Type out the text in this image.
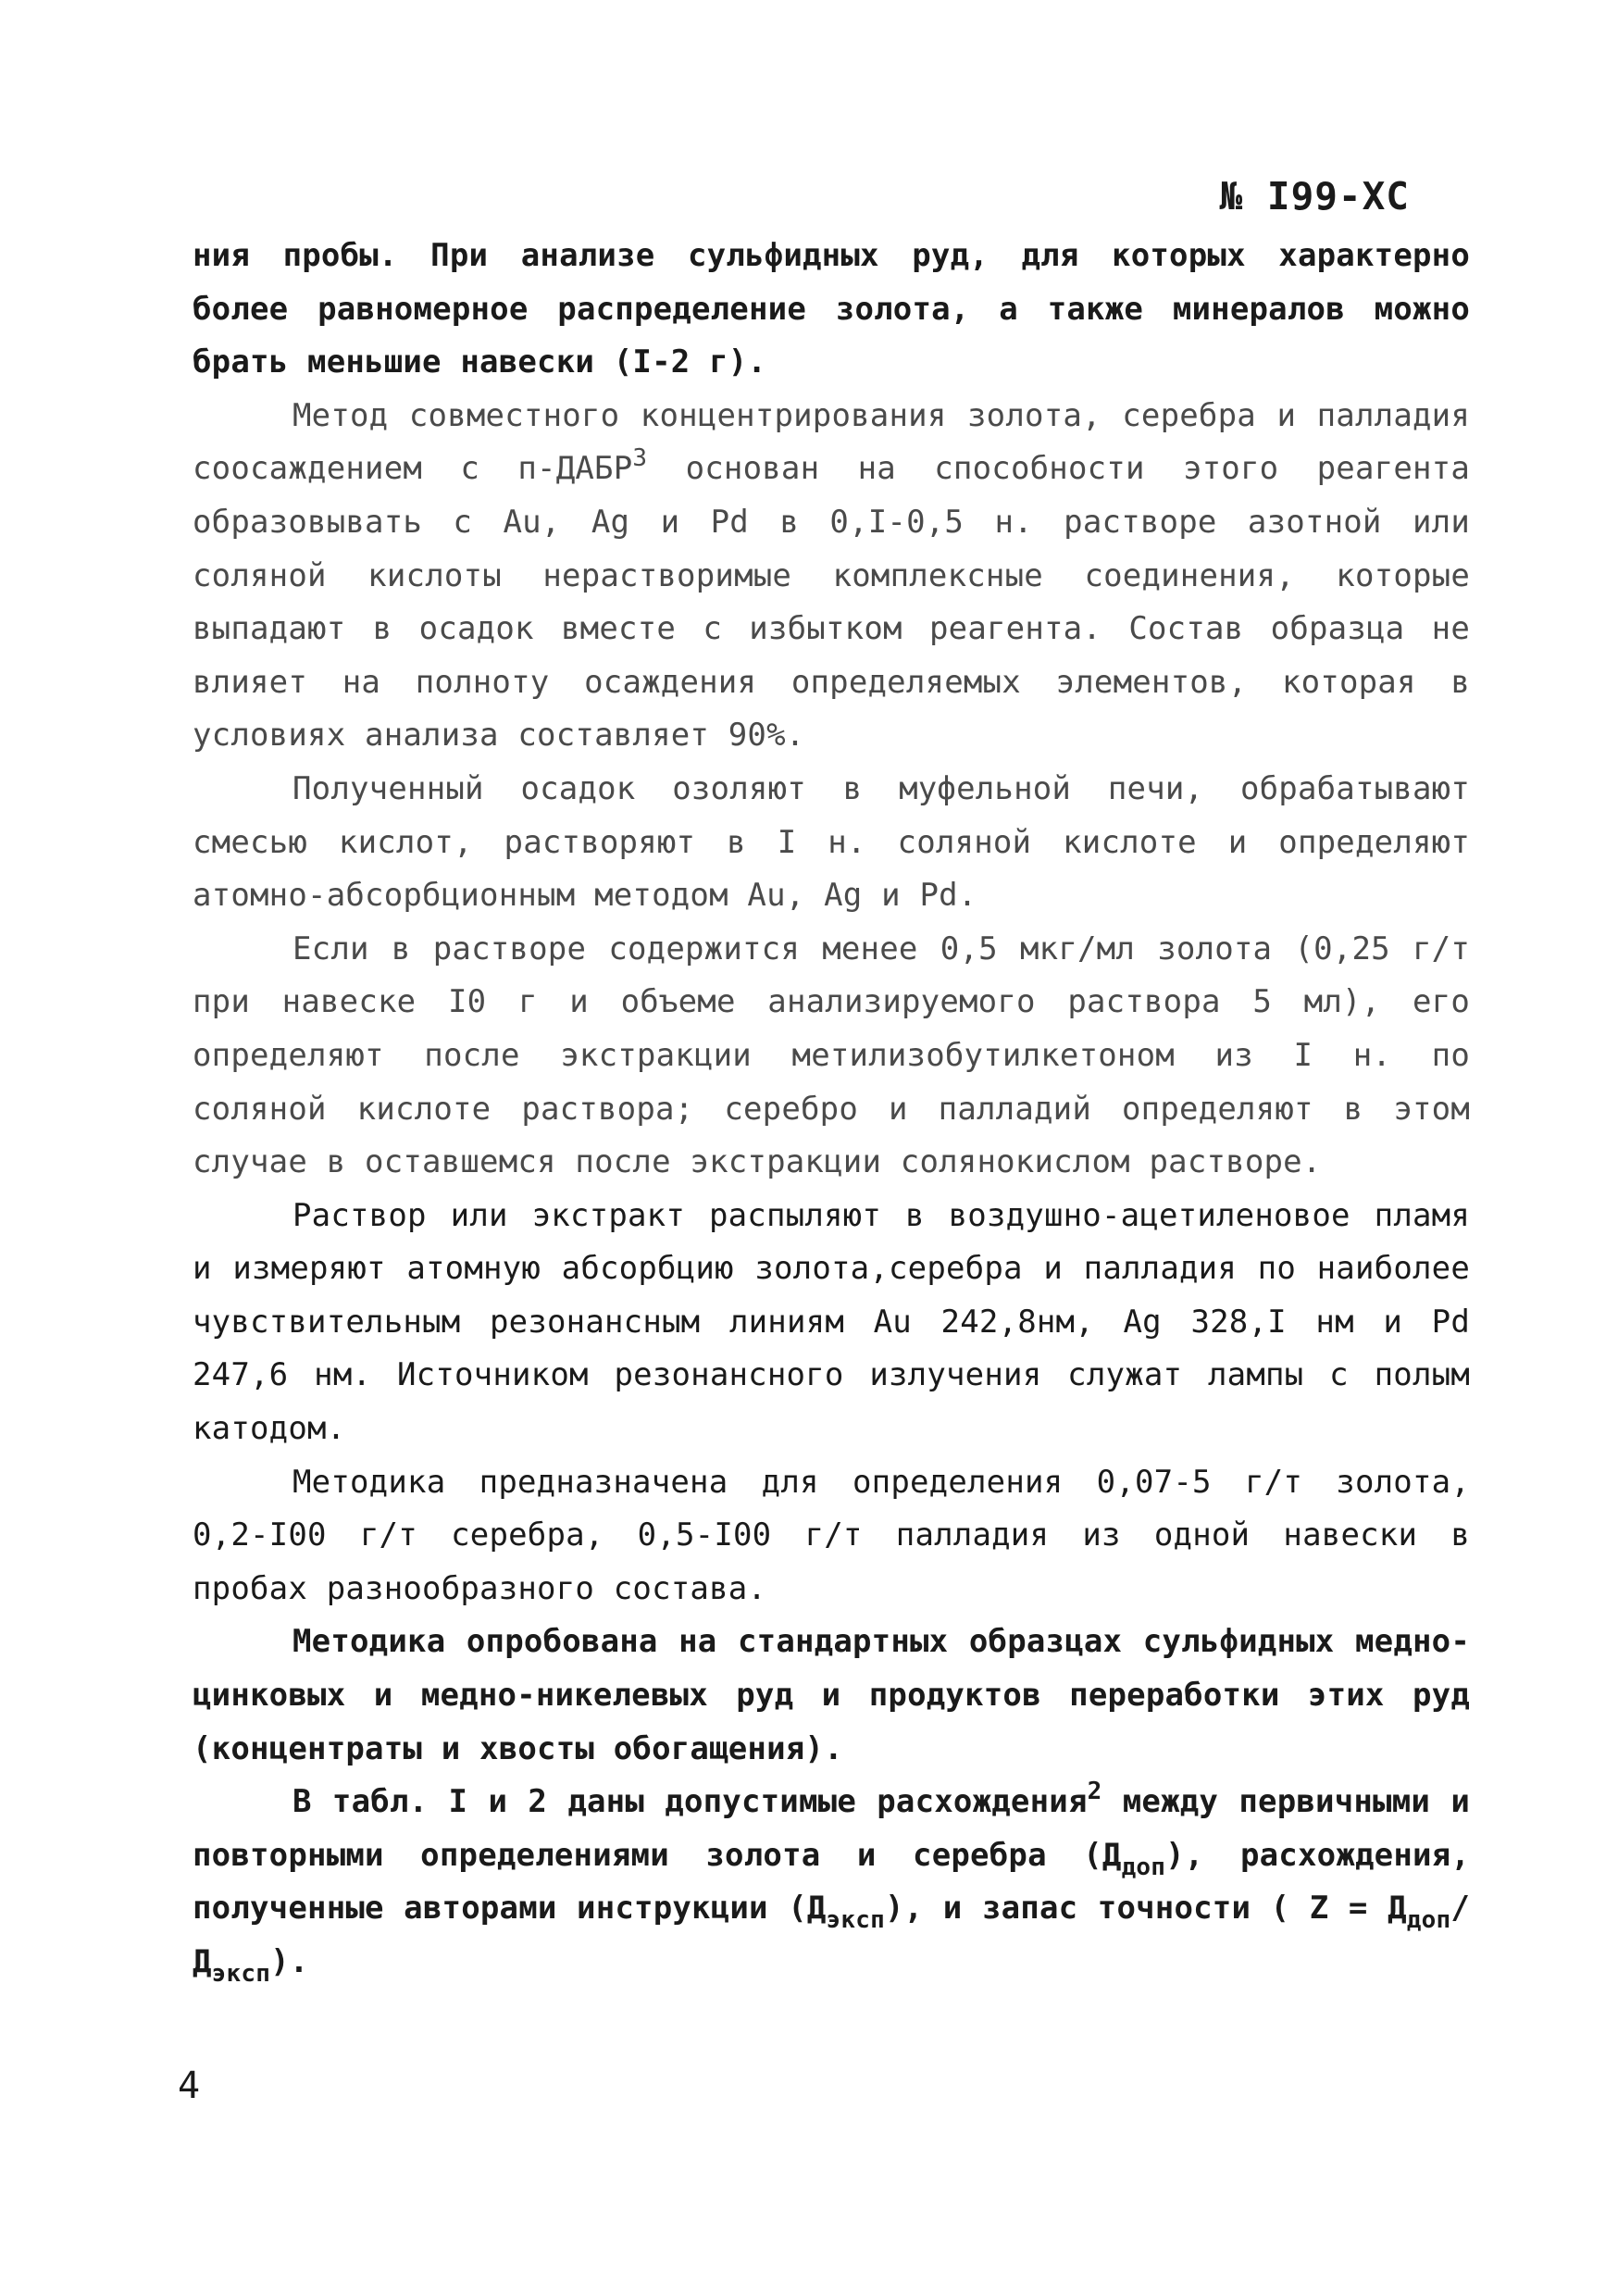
№ I99-XC

ния пробы. При анализе сульфидных руд, для которых характерно более равномерное распределение золота, а также минералов можно брать меньшие навески (I-2 г).

Метод совместного концентрирования золота, серебра и палладия соосаждением с п-ДАБР$^3$ основан на способности этого реагента образовывать с Au, Ag и Pd в 0,I-0,5 н. растворе азотной или соляной кислоты нерастворимые комплексные соединения, которые выпадают в осадок вместе с избытком реагента. Состав образца не влияет на полноту осаждения определяемых элементов, которая в условиях анализа составляет 90%.

Полученный осадок озоляют в муфельной печи, обрабатывают смесью кислот, растворяют в I н. соляной кислоте и определяют атомно-абсорбционным методом Au, Ag и Pd.

Если в растворе содержится менее 0,5 мкг/мл золота (0,25 г/т при навеске I0 г и объеме анализируемого раствора 5 мл), его определяют после экстракции метилизобутилкетоном из I н. по соляной кислоте раствора; серебро и палладий определяют в этом случае в оставшемся после экстракции солянокислом растворе.

Раствор или экстракт распыляют в воздушно-ацетиленовое пламя и измеряют атомную абсорбцию золота,серебра и палладия по наиболее чувствительным резонансным линиям Au 242,8нм, Ag 328,I нм и Pd 247,6 нм. Источником резонансного излучения служат лампы с полым катодом.

Методика предназначена для определения 0,07-5 г/т золота, 0,2-I00 г/т серебра, 0,5-I00 г/т палладия из одной навески в пробах разнообразного состава.

Методика опробована на стандартных образцах сульфидных медно-цинковых и медно-никелевых руд и продуктов переработки этих руд (концентраты и хвосты обогащения).

В табл. I и 2 даны допустимые расхождения$^2$ между первичными и повторными определениями золота и серебра $(Д_{доп})$, расхождения, полученные авторами инструкции $(Д_{эксп})$, и запас точности ( $Z = Д_{доп}/Д_{эксп}$).

4
